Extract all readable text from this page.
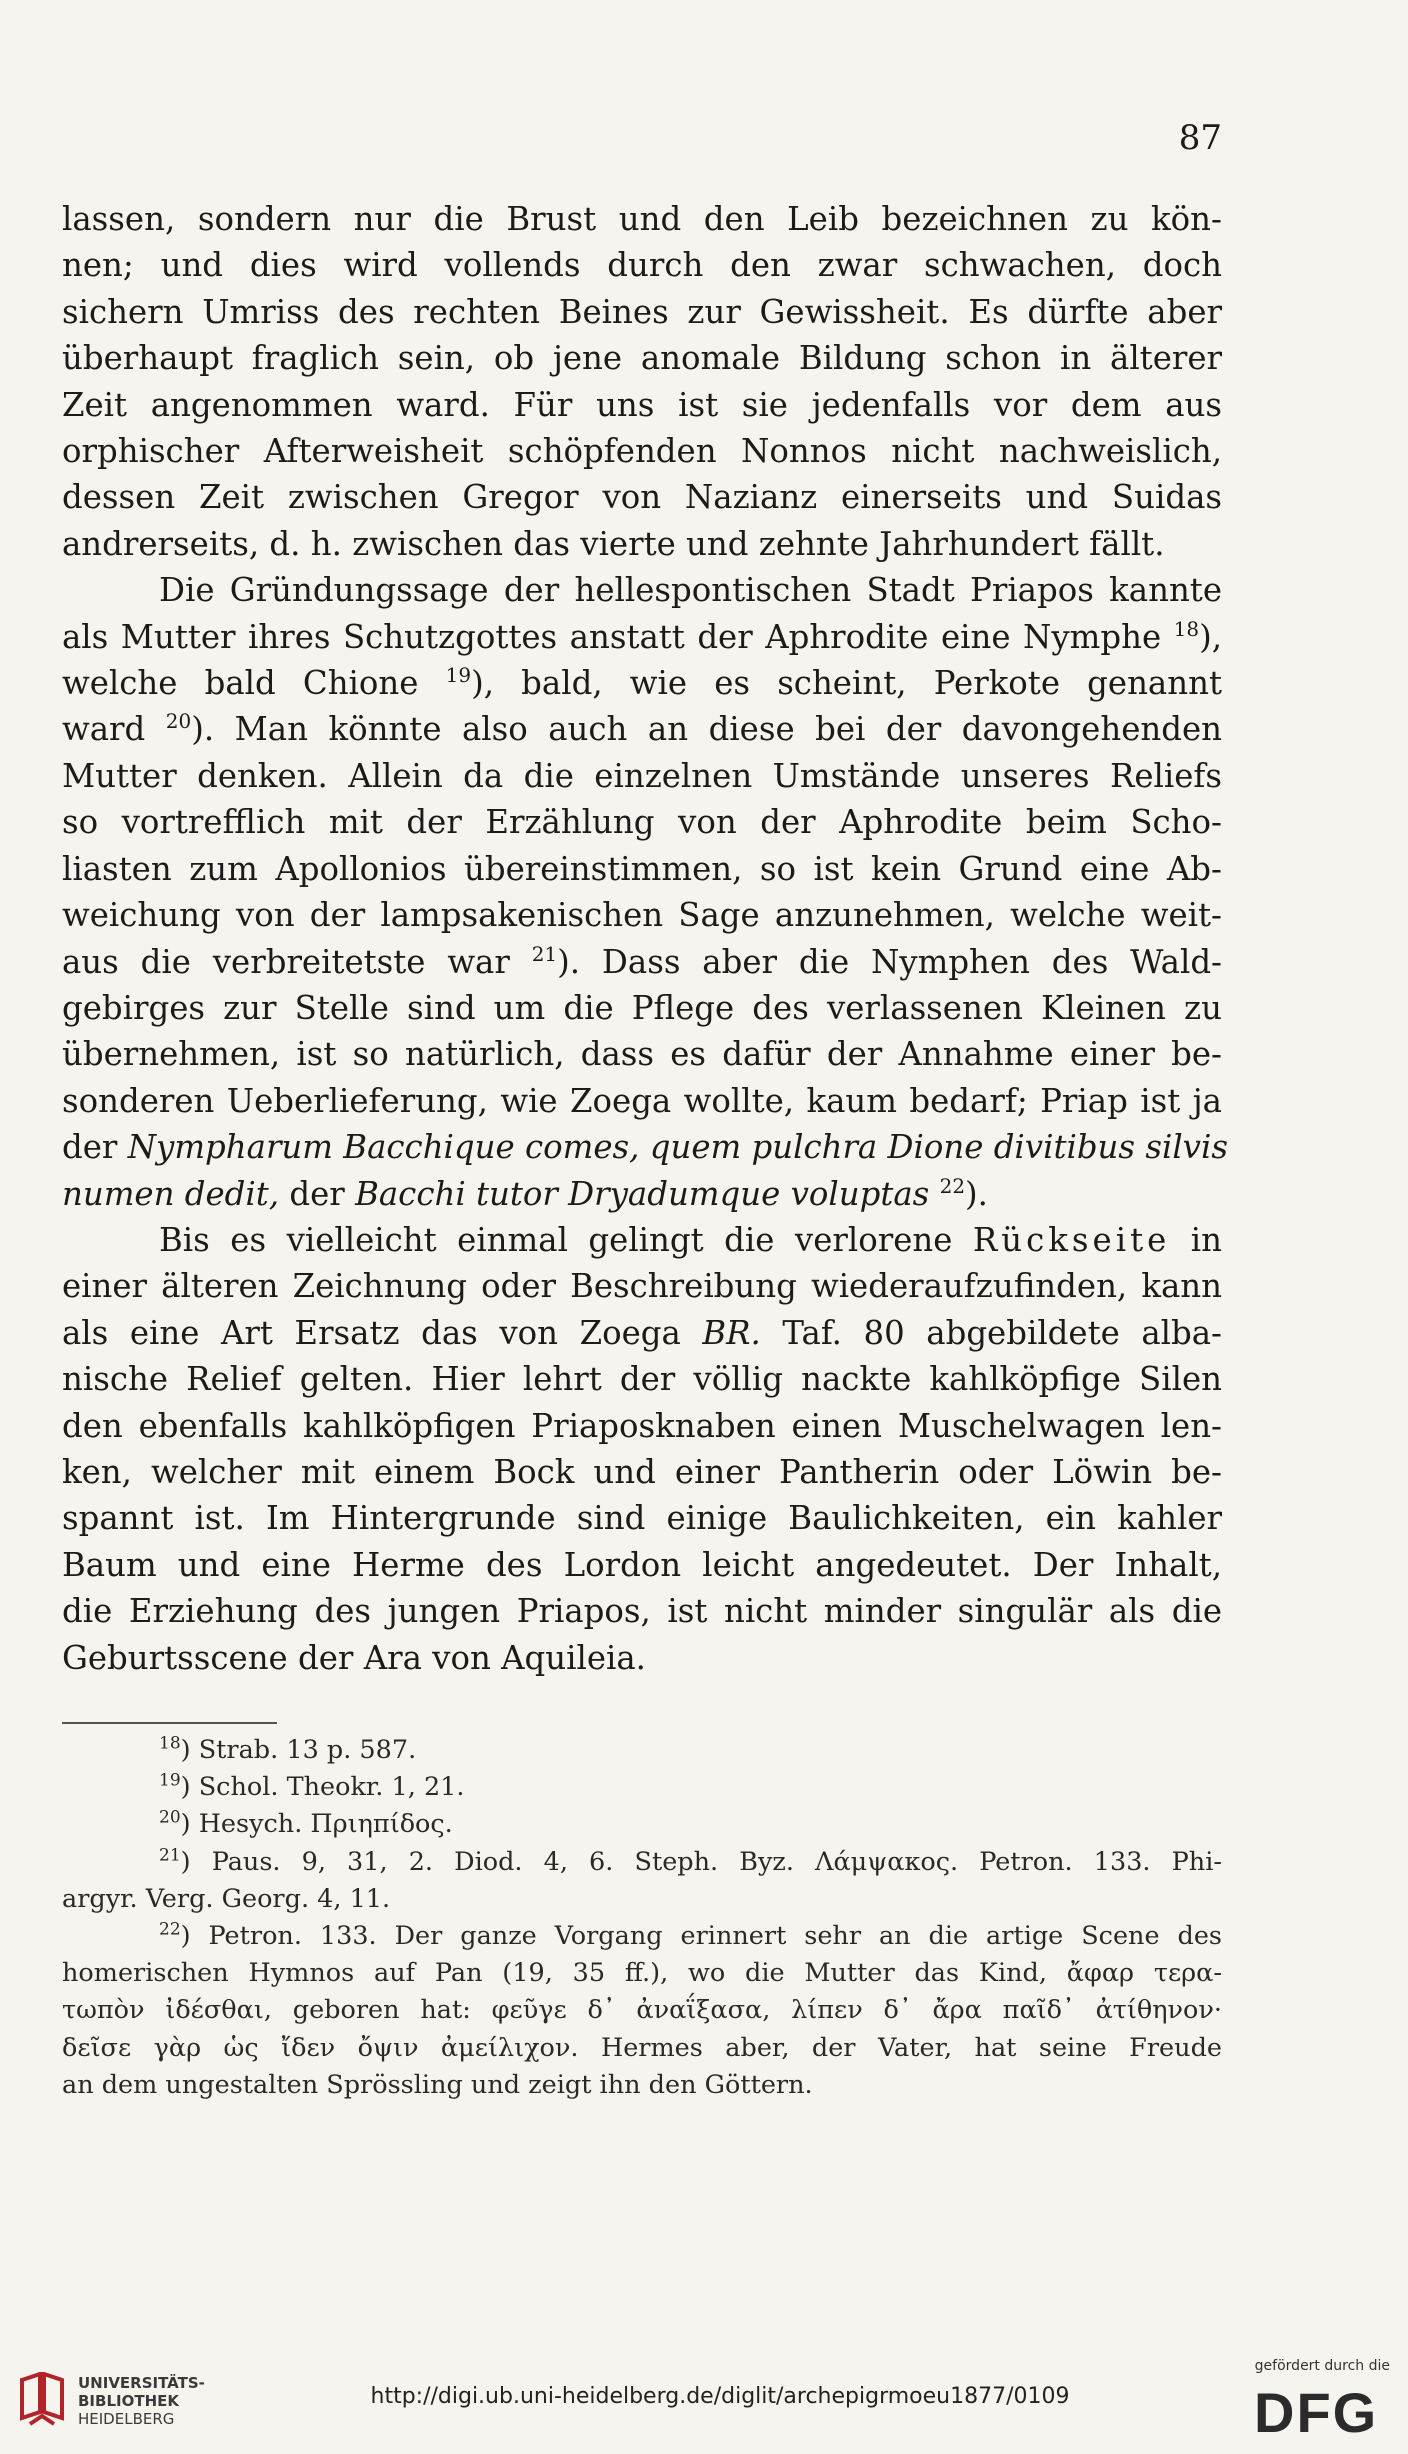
87
lassen, sondern nur die Brust und den Leib bezeichnen zu kön-
nen; und dies wird vollends durch den zwar schwachen, doch
sichern Umriss des rechten Beines zur Gewissheit. Es dürfte aber
überhaupt fraglich sein, ob jene anomale Bildung schon in älterer
Zeit angenommen ward. Für uns ist sie jedenfalls vor dem aus
orphischer Afterweisheit schöpfenden Nonnos nicht nachweislich,
dessen Zeit zwischen Gregor von Nazianz einerseits und Suidas
andrerseits, d. h. zwischen das vierte und zehnte Jahrhundert fällt.
Die Gründungssage der hellespontischen Stadt Priapos kannte
als Mutter ihres Schutzgottes anstatt der Aphrodite eine Nymphe $^{18}$),
welche bald Chione $^{19}$), bald, wie es scheint, Perkote genannt
ward $^{20}$). Man könnte also auch an diese bei der davongehenden
Mutter denken. Allein da die einzelnen Umstände unseres Reliefs
so vortrefflich mit der Erzählung von der Aphrodite beim Scho-
liasten zum Apollonios übereinstimmen, so ist kein Grund eine Ab-
weichung von der lampsakenischen Sage anzunehmen, welche weit-
aus die verbreitetste war $^{21}$). Dass aber die Nymphen des Wald-
gebirges zur Stelle sind um die Pflege des verlassenen Kleinen zu
übernehmen, ist so natürlich, dass es dafür der Annahme einer be-
sonderen Ueberlieferung, wie Zoega wollte, kaum bedarf; Priap ist ja
der Nympharum Bacchique comes, quem pulchra Dione divitibus silvis
numen dedit, der Bacchi tutor Dryadumque voluptas $^{22}$).
Bis es vielleicht einmal gelingt die verlorene Rückseite in
einer älteren Zeichnung oder Beschreibung wiederaufzufinden, kann
als eine Art Ersatz das von Zoega BR. Taf. 80 abgebildete alba-
nische Relief gelten. Hier lehrt der völlig nackte kahlköpfige Silen
den ebenfalls kahlköpfigen Priaposknaben einen Muschelwagen len-
ken, welcher mit einem Bock und einer Pantherin oder Löwin be-
spannt ist. Im Hintergrunde sind einige Baulichkeiten, ein kahler
Baum und eine Herme des Lordon leicht angedeutet. Der Inhalt,
die Erziehung des jungen Priapos, ist nicht minder singulär als die
Geburtsscene der Ara von Aquileia.
$^{18}$) Strab. 13 p. 587.
$^{19}$) Schol. Theokr. 1, 21.
$^{20}$) Hesych. Πριηπίδος.
$^{21}$) Paus. 9, 31, 2. Diod. 4, 6. Steph. Byz. Λάμψακος. Petron. 133. Phi-
argyr. Verg. Georg. 4, 11.
$^{22}$) Petron. 133. Der ganze Vorgang erinnert sehr an die artige Scene des
homerischen Hymnos auf Pan (19, 35 ff.), wo die Mutter das Kind, ἄφαρ τερα-
τωπὸν ἰδέσθαι, geboren hat: φεῦγε δ᾽ ἀναΐξασα, λίπεν δ᾽ ἄρα παῖδ᾽ ἀτίθηνον·
δεῖσε γὰρ ὡς ἴδεν ὄψιν ἀμείλιχον. Hermes aber, der Vater, hat seine Freude
an dem ungestalten Sprössling und zeigt ihn den Göttern.
UNIVERSITÄTS-
BIBLIOTHEK
HEIDELBERG
http://digi.ub.uni-heidelberg.de/diglit/archepigrmoeu1877/0109
gefördert durch die
DFG
